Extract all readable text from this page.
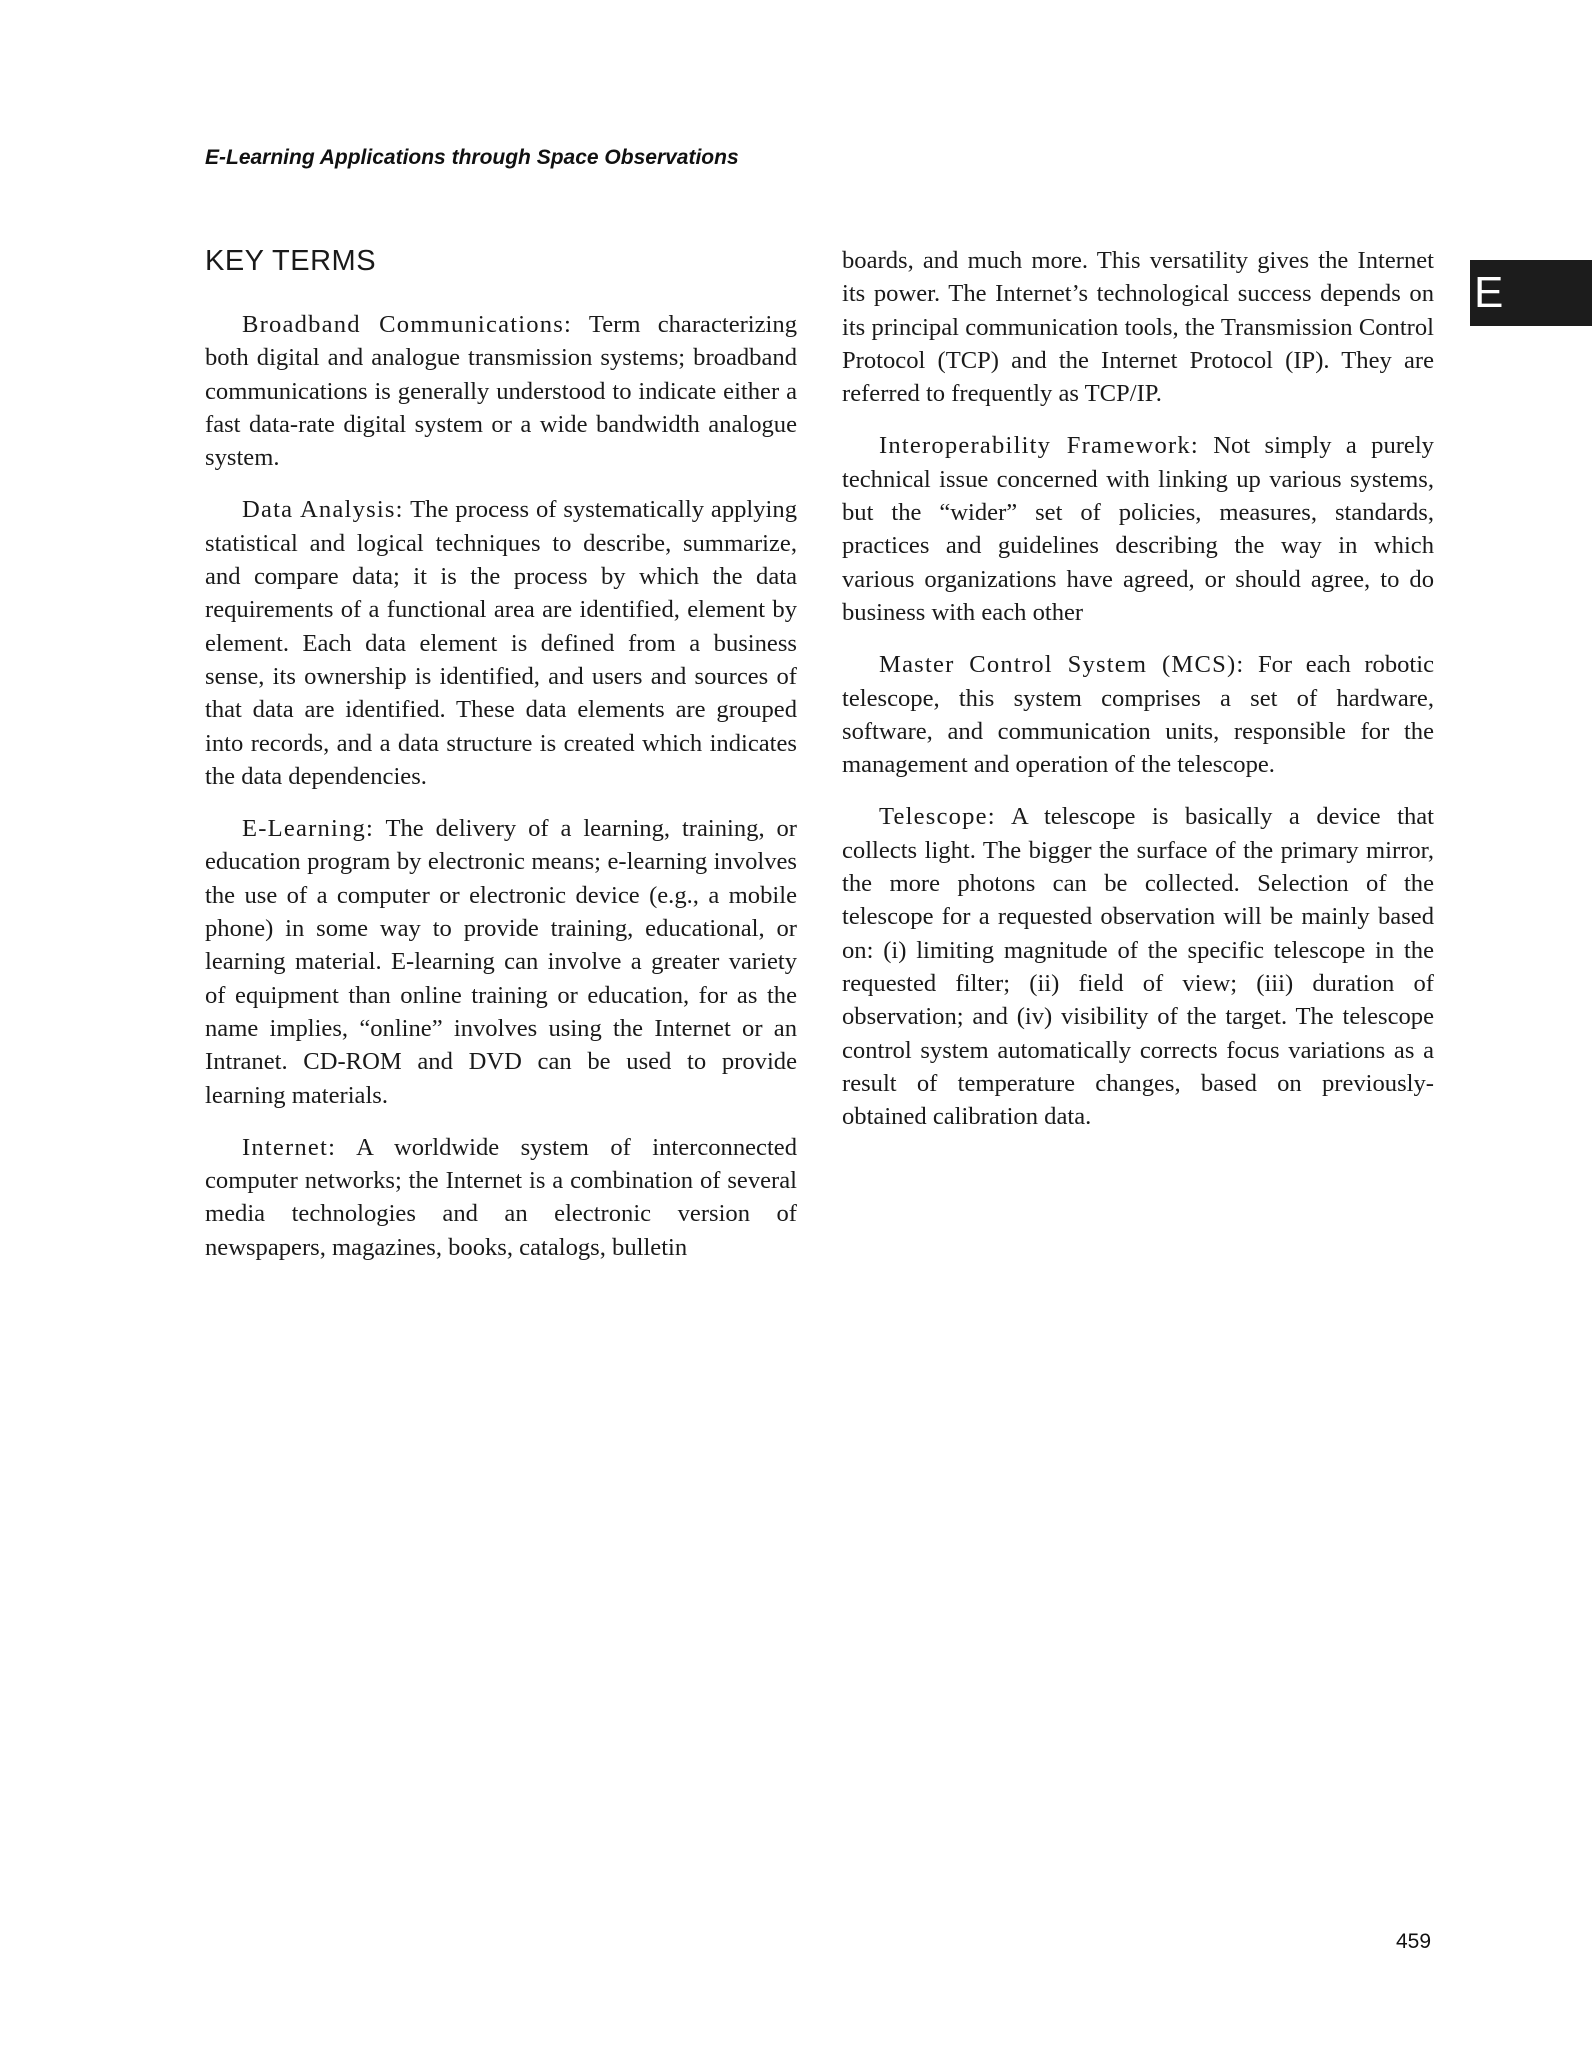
E-Learning Applications through Space Observations
KEY TERMS

Broadband Communications: Term characterizing both digital and analogue transmission systems; broadband communications is generally understood to indicate either a fast data-rate digital system or a wide bandwidth analogue system.

Data Analysis: The process of systematically applying statistical and logical techniques to describe, summarize, and compare data; it is the process by which the data requirements of a functional area are identified, element by element. Each data element is defined from a business sense, its ownership is identified, and users and sources of that data are identified. These data elements are grouped into records, and a data structure is created which indicates the data dependencies.

E-Learning: The delivery of a learning, training, or education program by electronic means; e-learning involves the use of a computer or electronic device (e.g., a mobile phone) in some way to provide training, educational, or learning material. E-learning can involve a greater variety of equipment than online training or education, for as the name implies, “online” involves using the Internet or an Intranet. CD-ROM and DVD can be used to provide learning materials.

Internet: A worldwide system of interconnected computer networks; the Internet is a combination of several media technologies and an electronic version of newspapers, magazines, books, catalogs, bulletin

boards, and much more. This versatility gives the Internet its power. The Internet’s technological success depends on its principal communication tools, the Transmission Control Protocol (TCP) and the Internet Protocol (IP). They are referred to frequently as TCP/IP.

Interoperability Framework: Not simply a purely technical issue concerned with linking up various systems, but the “wider” set of policies, measures, standards, practices and guidelines describing the way in which various organizations have agreed, or should agree, to do business with each other

Master Control System (MCS): For each robotic telescope, this system comprises a set of hardware, software, and communication units, responsible for the management and operation of the telescope.

Telescope: A telescope is basically a device that collects light. The bigger the surface of the primary mirror, the more photons can be collected. Selection of the telescope for a requested observation will be mainly based on: (i) limiting magnitude of the specific telescope in the requested filter; (ii) field of view; (iii) duration of observation; and (iv) visibility of the target. The telescope control system automatically corrects focus variations as a result of temperature changes, based on previously-obtained calibration data.

E
459
